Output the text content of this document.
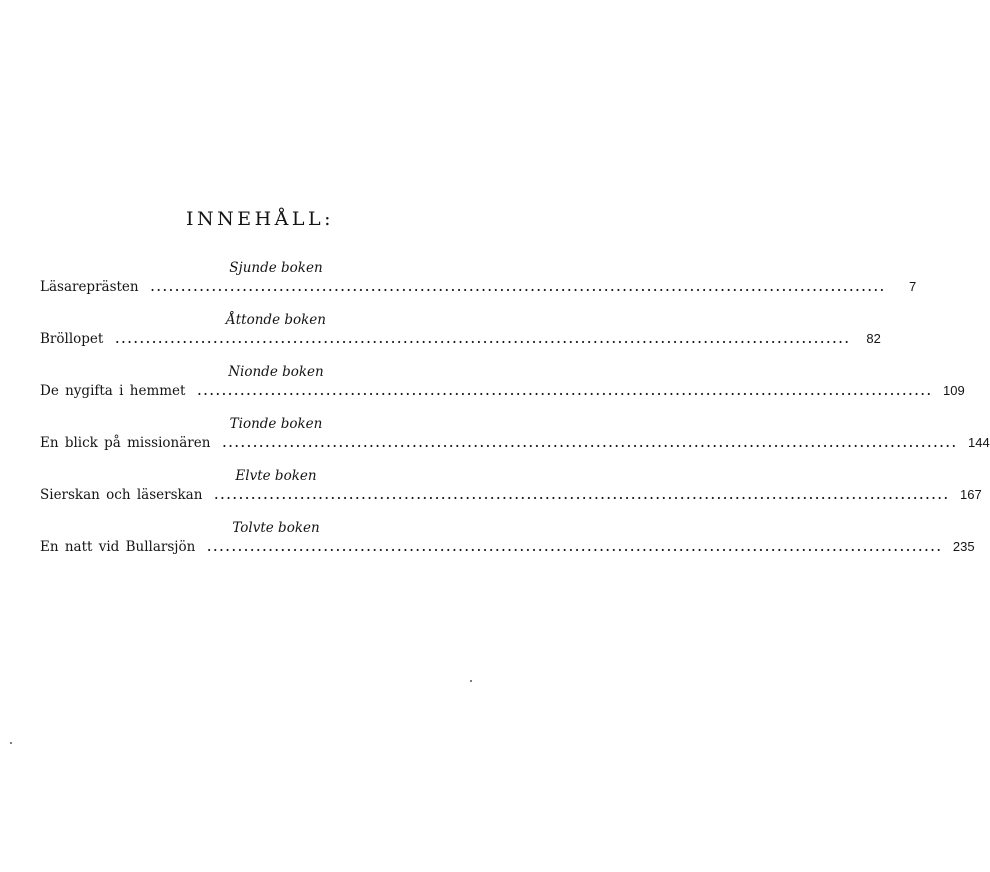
INNEHÅLL:
Sjunde boken
Läsareprästen ........................................................................................................................	7
Åttonde boken
Bröllopet ........................................................................................................................	82
Nionde boken
De nygifta i hemmet ........................................................................................................................ 109
Tionde boken
En blick på missionären ........................................................................................................................ 144
Elvte boken
Sierskan och läserskan ........................................................................................................................ 167
Tolvte boken
En natt vid Bullarsjön ........................................................................................................................ 235
